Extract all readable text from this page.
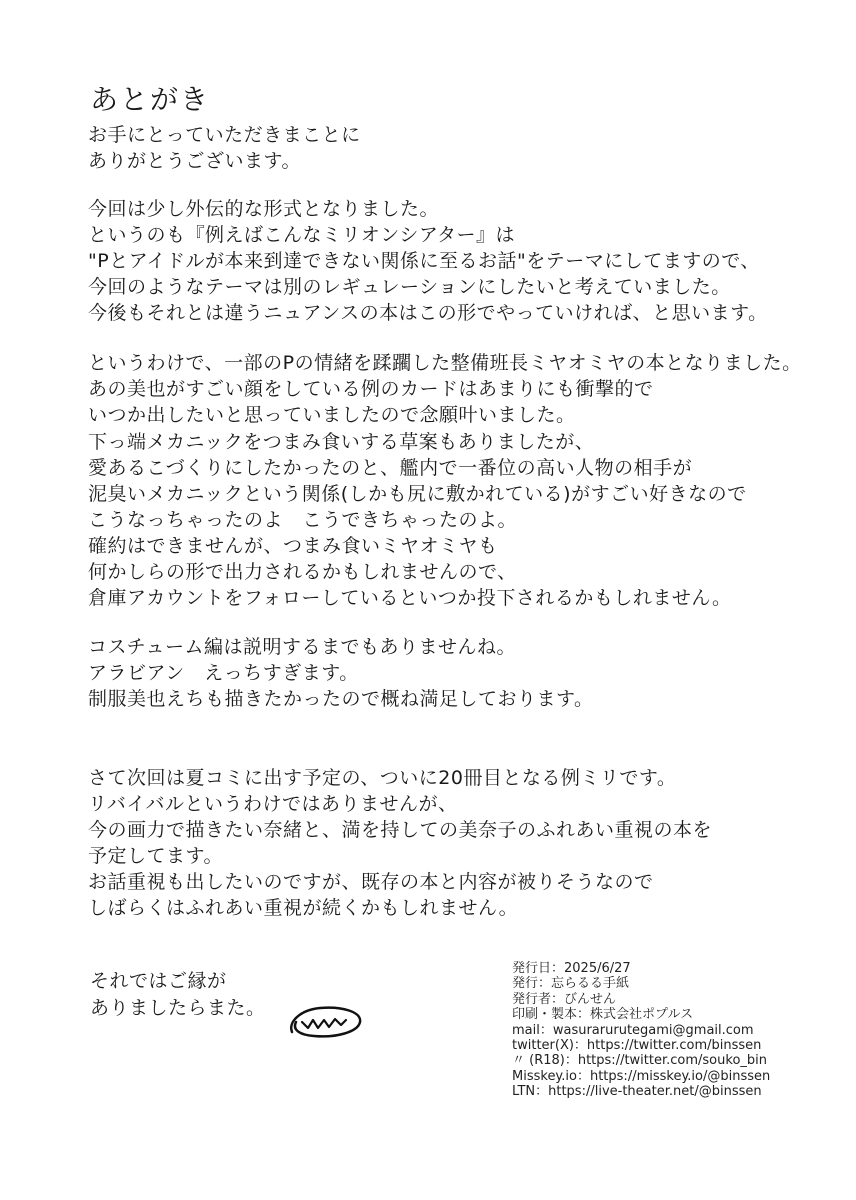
あとがき
お手にとっていただきまことに
ありがとうございます。
今回は少し外伝的な形式となりました。
というのも『例えばこんなミリオンシアター』は
"Pとアイドルが本来到達できない関係に至るお話"をテーマにしてますので、
今回のようなテーマは別のレギュレーションにしたいと考えていました。
今後もそれとは違うニュアンスの本はこの形でやっていければ、と思います。
というわけで、一部のPの情緒を蹂躙した整備班長ミヤオミヤの本となりました。
あの美也がすごい顔をしている例のカードはあまりにも衝撃的で
いつか出したいと思っていましたので念願叶いました。
下っ端メカニックをつまみ食いする草案もありましたが、
愛あるこづくりにしたかったのと、艦内で一番位の高い人物の相手が
泥臭いメカニックという関係(しかも尻に敷かれている)がすごい好きなので
こうなっちゃったのよ　こうできちゃったのよ。
確約はできませんが、つまみ食いミヤオミヤも
何かしらの形で出力されるかもしれませんので、
倉庫アカウントをフォローしているといつか投下されるかもしれません。
コスチューム編は説明するまでもありませんね。
アラビアン　えっちすぎます。
制服美也えちも描きたかったので概ね満足しております。
さて次回は夏コミに出す予定の、ついに20冊目となる例ミリです。
リバイバルというわけではありませんが、
今の画力で描きたい奈緒と、満を持しての美奈子のふれあい重視の本を
予定してます。
お話重視も出したいのですが、既存の本と内容が被りそうなので
しばらくはふれあい重視が続くかもしれません。
それではご縁が
ありましたらまた。
発行日：2025/6/27
発行：忘らるる手紙
発行者：びんせん
印刷・製本：株式会社ポプルス
mail：wasurarurutegami@gmail.com
twitter(X)：https://twitter.com/binssen
〃 (R18)：https://twitter.com/souko_bin
Misskey.io：https://misskey.io/@binssen
LTN：https://live-theater.net/@binssen
